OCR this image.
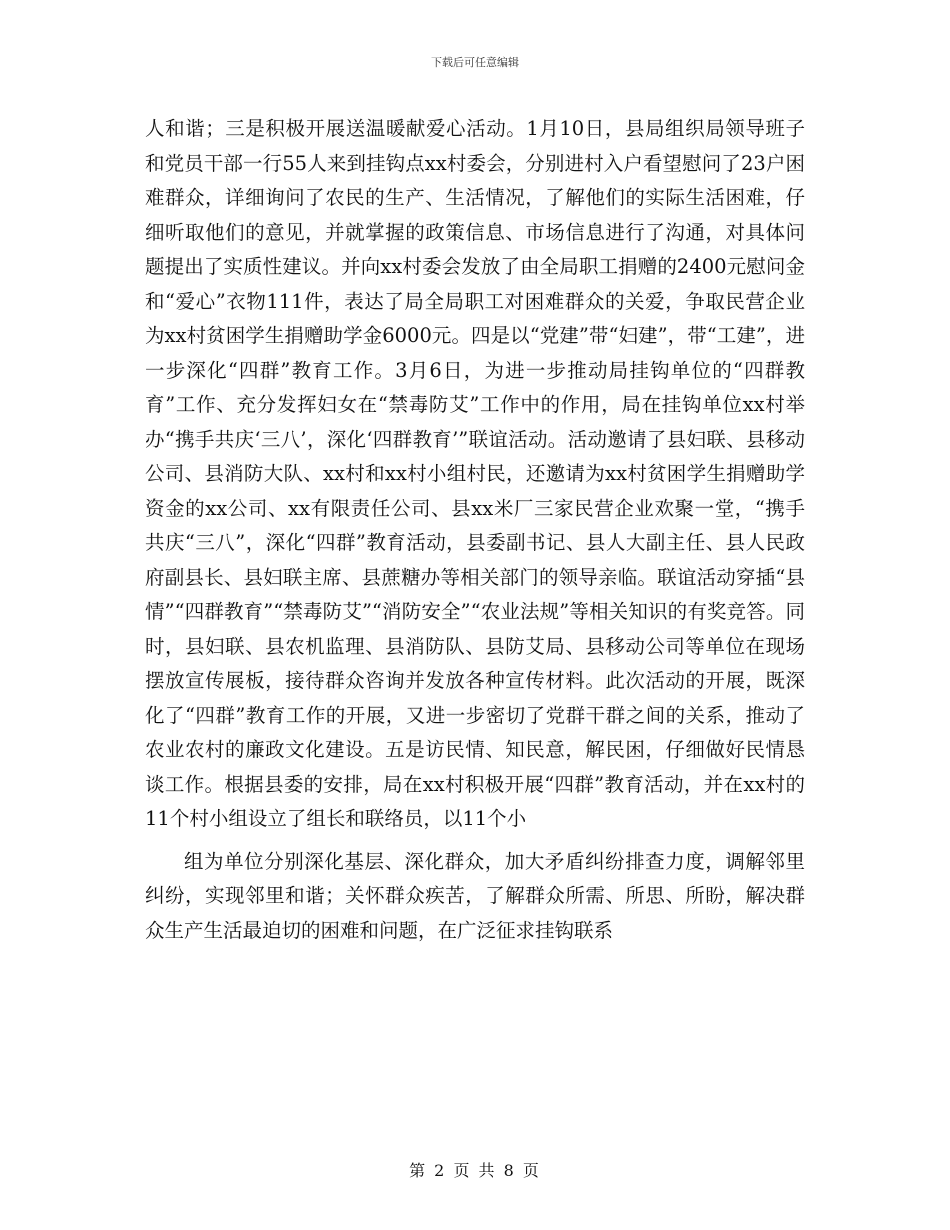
下载后可任意编辑

人和谐；三是积极开展送温暖献爱心活动。1月10日，县局组织局领导班子和党员干部一行55人来到挂钩点xx村委会，分别进村入户看望慰问了23户困难群众，详细询问了农民的生产、生活情况，了解他们的实际生活困难，仔细听取他们的意见，并就掌握的政策信息、市场信息进行了沟通，对具体问题提出了实质性建议。并向xx村委会发放了由全局职工捐赠的2400元慰问金和“爱心”衣物111件，表达了局全局职工对困难群众的关爱，争取民营企业为xx村贫困学生捐赠助学金6000元。四是以“党建”带“妇建”，带“工建”，进一步深化“四群”教育工作。3月6日，为进一步推动局挂钩单位的“四群教育”工作、充分发挥妇女在“禁毒防艾”工作中的作用，局在挂钩单位xx村举办“携手共庆‘三八’，深化‘四群教育’”联谊活动。活动邀请了县妇联、县移动公司、县消防大队、xx村和xx村小组村民，还邀请为xx村贫困学生捐赠助学资金的xx公司、xx有限责任公司、县xx米厂三家民营企业欢聚一堂，“携手共庆“三八”，深化“四群”教育活动，县委副书记、县人大副主任、县人民政府副县长、县妇联主席、县蔗糖办等相关部门的领导亲临。联谊活动穿插“县情”“四群教育”“禁毒防艾”“消防安全”“农业法规”等相关知识的有奖竞答。同时，县妇联、县农机监理、县消防队、县防艾局、县移动公司等单位在现场摆放宣传展板，接待群众咨询并发放各种宣传材料。此次活动的开展，既深化了“四群”教育工作的开展，又进一步密切了党群干群之间的关系，推动了农业农村的廉政文化建设。五是访民情、知民意，解民困，仔细做好民情恳谈工作。根据县委的安排，局在xx村积极开展“四群”教育活动，并在xx村的11个村小组设立了组长和联络员，以11个小

组为单位分别深化基层、深化群众，加大矛盾纠纷排查力度，调解邻里纠纷，实现邻里和谐；关怀群众疾苦，了解群众所需、所思、所盼，解决群众生产生活最迫切的困难和问题，在广泛征求挂钩联系

第 2 页 共 8 页
